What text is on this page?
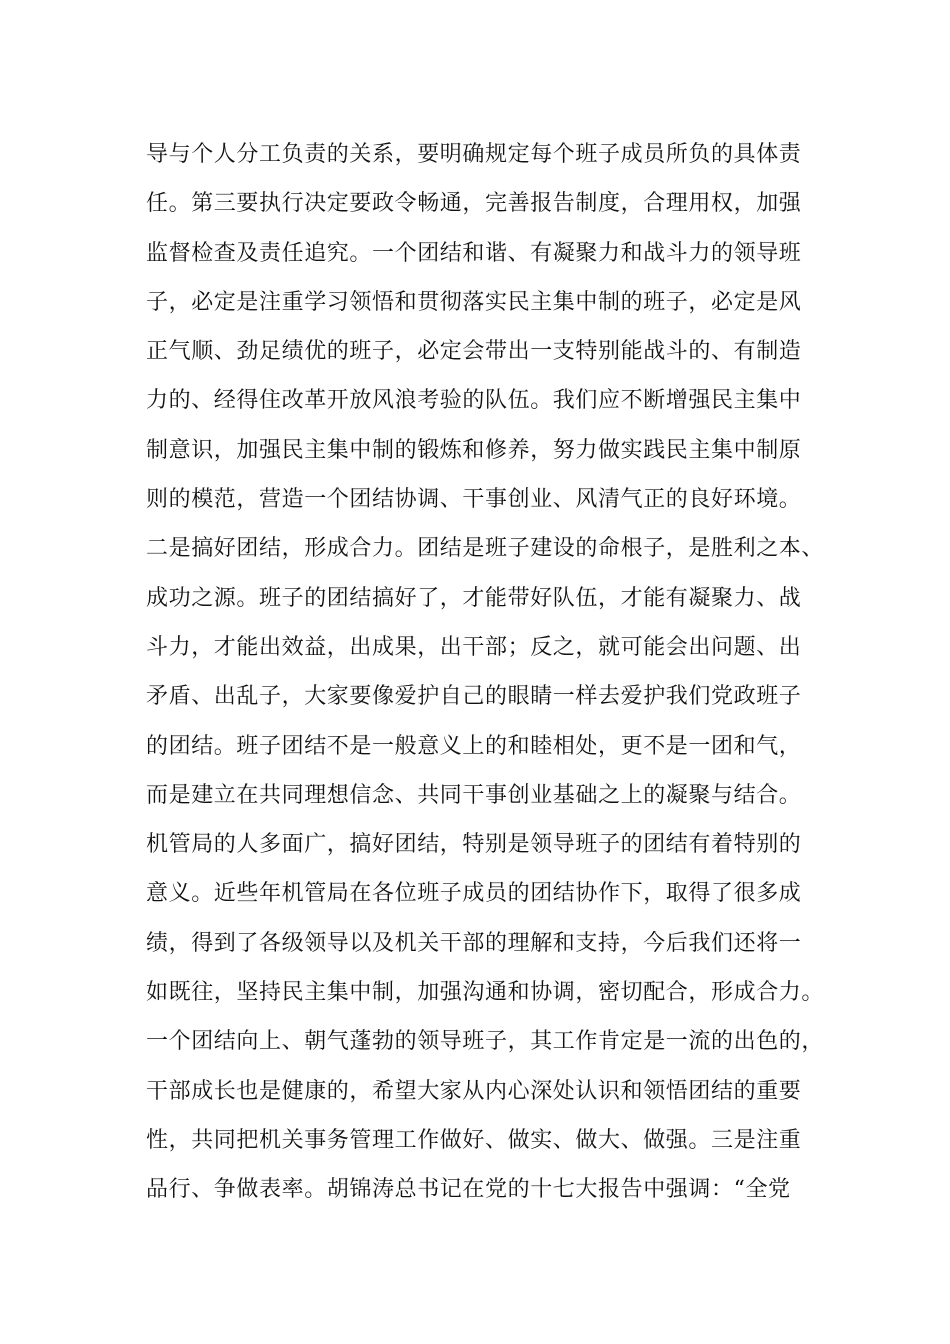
导与个人分工负责的关系，要明确规定每个班子成员所负的具体责
任。第三要执行决定要政令畅通，完善报告制度，合理用权，加强
监督检查及责任追究。一个团结和谐、有凝聚力和战斗力的领导班
子，必定是注重学习领悟和贯彻落实民主集中制的班子，必定是风
正气顺、劲足绩优的班子，必定会带出一支特别能战斗的、有制造
力的、经得住改革开放风浪考验的队伍。我们应不断增强民主集中
制意识，加强民主集中制的锻炼和修养，努力做实践民主集中制原
则的模范，营造一个团结协调、干事创业、风清气正的良好环境。
二是搞好团结，形成合力。团结是班子建设的命根子，是胜利之本、
成功之源。班子的团结搞好了，才能带好队伍，才能有凝聚力、战
斗力，才能出效益，出成果，出干部；反之，就可能会出问题、出
矛盾、出乱子，大家要像爱护自己的眼睛一样去爱护我们党政班子
的团结。班子团结不是一般意义上的和睦相处，更不是一团和气，
而是建立在共同理想信念、共同干事创业基础之上的凝聚与结合。
机管局的人多面广，搞好团结，特别是领导班子的团结有着特别的
意义。近些年机管局在各位班子成员的团结协作下，取得了很多成
绩，得到了各级领导以及机关干部的理解和支持，今后我们还将一
如既往，坚持民主集中制，加强沟通和协调，密切配合，形成合力。
一个团结向上、朝气蓬勃的领导班子，其工作肯定是一流的出色的，
干部成长也是健康的，希望大家从内心深处认识和领悟团结的重要
性，共同把机关事务管理工作做好、做实、做大、做强。三是注重
品行、争做表率。胡锦涛总书记在党的十七大报告中强调：“全党
